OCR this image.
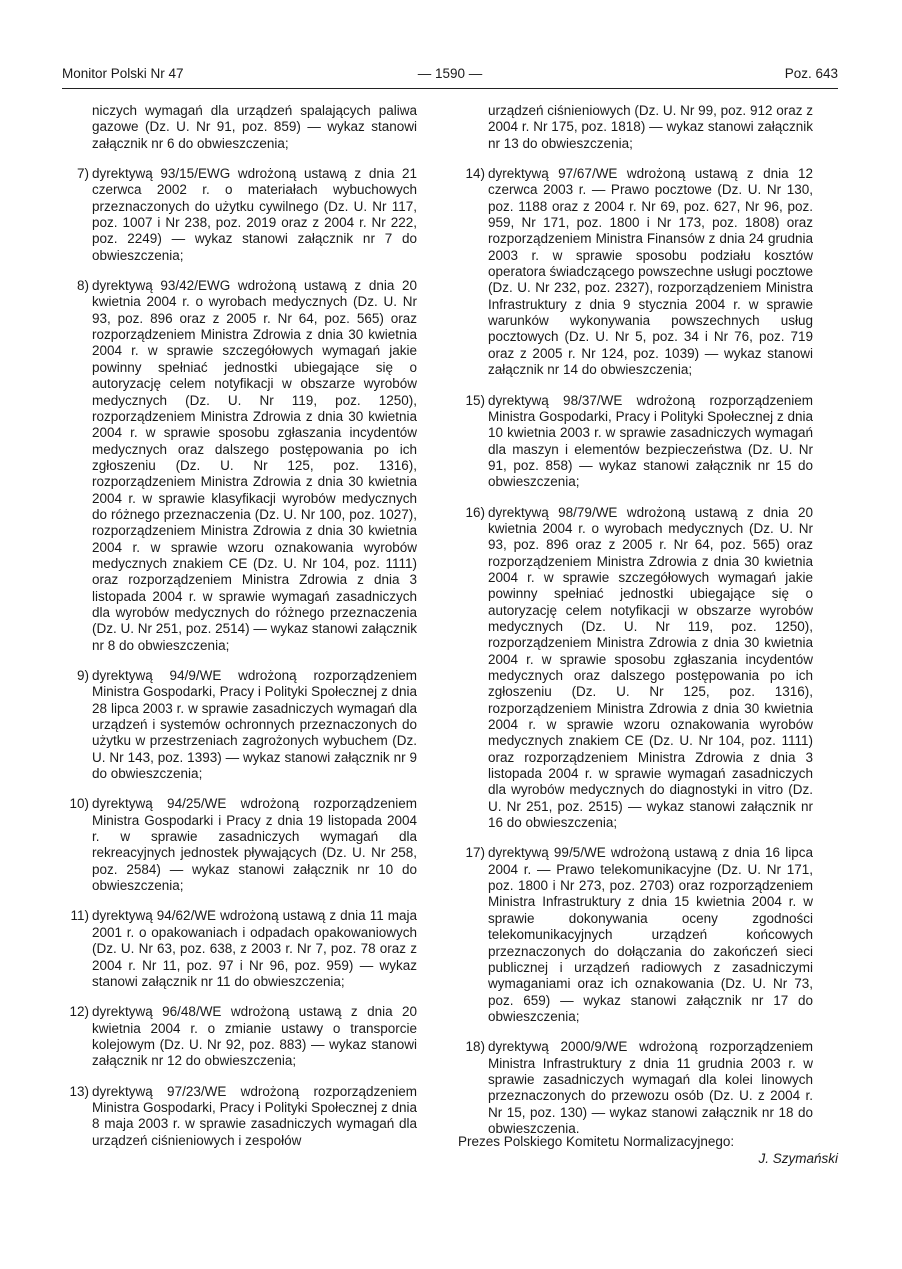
Monitor Polski Nr 47	— 1590 —	Poz. 643
niczych wymagań dla urządzeń spalających paliwa gazowe (Dz. U. Nr 91, poz. 859) — wykaz stanowi załącznik nr 6 do obwieszczenia;
7) dyrektywą 93/15/EWG wdrożoną ustawą z dnia 21 czerwca 2002 r. o materiałach wybuchowych przeznaczonych do użytku cywilnego (Dz. U. Nr 117, poz. 1007 i Nr 238, poz. 2019 oraz z 2004 r. Nr 222, poz. 2249) — wykaz stanowi załącznik nr 7 do obwieszczenia;
8) dyrektywą 93/42/EWG wdrożoną ustawą z dnia 20 kwietnia 2004 r. o wyrobach medycznych (Dz. U. Nr 93, poz. 896 oraz z 2005 r. Nr 64, poz. 565) oraz rozporządzeniem Ministra Zdrowia z dnia 30 kwietnia 2004 r. w sprawie szczegółowych wymagań jakie powinny spełniać jednostki ubiegające się o autoryzację celem notyfikacji w obszarze wyrobów medycznych (Dz. U. Nr 119, poz. 1250), rozporządzeniem Ministra Zdrowia z dnia 30 kwietnia 2004 r. w sprawie sposobu zgłaszania incydentów medycznych oraz dalszego postępowania po ich zgłoszeniu (Dz. U. Nr 125, poz. 1316), rozporządzeniem Ministra Zdrowia z dnia 30 kwietnia 2004 r. w sprawie klasyfikacji wyrobów medycznych do różnego przeznaczenia (Dz. U. Nr 100, poz. 1027), rozporządzeniem Ministra Zdrowia z dnia 30 kwietnia 2004 r. w sprawie wzoru oznakowania wyrobów medycznych znakiem CE (Dz. U. Nr 104, poz. 1111) oraz rozporządzeniem Ministra Zdrowia z dnia 3 listopada 2004 r. w sprawie wymagań zasadniczych dla wyrobów medycznych do różnego przeznaczenia (Dz. U. Nr 251, poz. 2514) — wykaz stanowi załącznik nr 8 do obwieszczenia;
9) dyrektywą 94/9/WE wdrożoną rozporządzeniem Ministra Gospodarki, Pracy i Polityki Społecznej z dnia 28 lipca 2003 r. w sprawie zasadniczych wymagań dla urządzeń i systemów ochronnych przeznaczonych do użytku w przestrzeniach zagrożonych wybuchem (Dz. U. Nr 143, poz. 1393) — wykaz stanowi załącznik nr 9 do obwieszczenia;
10) dyrektywą 94/25/WE wdrożoną rozporządzeniem Ministra Gospodarki i Pracy z dnia 19 listopada 2004 r. w sprawie zasadniczych wymagań dla rekreacyjnych jednostek pływających (Dz. U. Nr 258, poz. 2584) — wykaz stanowi załącznik nr 10 do obwieszczenia;
11) dyrektywą 94/62/WE wdrożoną ustawą z dnia 11 maja 2001 r. o opakowaniach i odpadach opakowaniowych (Dz. U. Nr 63, poz. 638, z 2003 r. Nr 7, poz. 78 oraz z 2004 r. Nr 11, poz. 97 i Nr 96, poz. 959) — wykaz stanowi załącznik nr 11 do obwieszczenia;
12) dyrektywą 96/48/WE wdrożoną ustawą z dnia 20 kwietnia 2004 r. o zmianie ustawy o transporcie kolejowym (Dz. U. Nr 92, poz. 883) — wykaz stanowi załącznik nr 12 do obwieszczenia;
13) dyrektywą 97/23/WE wdrożoną rozporządzeniem Ministra Gospodarki, Pracy i Polityki Społecznej z dnia 8 maja 2003 r. w sprawie zasadniczych wymagań dla urządzeń ciśnieniowych i zespołów
urządzeń ciśnieniowych (Dz. U. Nr 99, poz. 912 oraz z 2004 r. Nr 175, poz. 1818) — wykaz stanowi załącznik nr 13 do obwieszczenia;
14) dyrektywą 97/67/WE wdrożoną ustawą z dnia 12 czerwca 2003 r. — Prawo pocztowe (Dz. U. Nr 130, poz. 1188 oraz z 2004 r. Nr 69, poz. 627, Nr 96, poz. 959, Nr 171, poz. 1800 i Nr 173, poz. 1808) oraz rozporządzeniem Ministra Finansów z dnia 24 grudnia 2003 r. w sprawie sposobu podziału kosztów operatora świadczącego powszechne usługi pocztowe (Dz. U. Nr 232, poz. 2327), rozporządzeniem Ministra Infrastruktury z dnia 9 stycznia 2004 r. w sprawie warunków wykonywania powszechnych usług pocztowych (Dz. U. Nr 5, poz. 34 i Nr 76, poz. 719 oraz z 2005 r. Nr 124, poz. 1039) — wykaz stanowi załącznik nr 14 do obwieszczenia;
15) dyrektywą 98/37/WE wdrożoną rozporządzeniem Ministra Gospodarki, Pracy i Polityki Społecznej z dnia 10 kwietnia 2003 r. w sprawie zasadniczych wymagań dla maszyn i elementów bezpieczeństwa (Dz. U. Nr 91, poz. 858) — wykaz stanowi załącznik nr 15 do obwieszczenia;
16) dyrektywą 98/79/WE wdrożoną ustawą z dnia 20 kwietnia 2004 r. o wyrobach medycznych (Dz. U. Nr 93, poz. 896 oraz z 2005 r. Nr 64, poz. 565) oraz rozporządzeniem Ministra Zdrowia z dnia 30 kwietnia 2004 r. w sprawie szczegółowych wymagań jakie powinny spełniać jednostki ubiegające się o autoryzację celem notyfikacji w obszarze wyrobów medycznych (Dz. U. Nr 119, poz. 1250), rozporządzeniem Ministra Zdrowia z dnia 30 kwietnia 2004 r. w sprawie sposobu zgłaszania incydentów medycznych oraz dalszego postępowania po ich zgłoszeniu (Dz. U. Nr 125, poz. 1316), rozporządzeniem Ministra Zdrowia z dnia 30 kwietnia 2004 r. w sprawie wzoru oznakowania wyrobów medycznych znakiem CE (Dz. U. Nr 104, poz. 1111) oraz rozporządzeniem Ministra Zdrowia z dnia 3 listopada 2004 r. w sprawie wymagań zasadniczych dla wyrobów medycznych do diagnostyki in vitro (Dz. U. Nr 251, poz. 2515) — wykaz stanowi załącznik nr 16 do obwieszczenia;
17) dyrektywą 99/5/WE wdrożoną ustawą z dnia 16 lipca 2004 r. — Prawo telekomunikacyjne (Dz. U. Nr 171, poz. 1800 i Nr 273, poz. 2703) oraz rozporządzeniem Ministra Infrastruktury z dnia 15 kwietnia 2004 r. w sprawie dokonywania oceny zgodności telekomunikacyjnych urządzeń końcowych przeznaczonych do dołączania do zakończeń sieci publicznej i urządzeń radiowych z zasadniczymi wymaganiami oraz ich oznakowania (Dz. U. Nr 73, poz. 659) — wykaz stanowi załącznik nr 17 do obwieszczenia;
18) dyrektywą 2000/9/WE wdrożoną rozporządzeniem Ministra Infrastruktury z dnia 11 grudnia 2003 r. w sprawie zasadniczych wymagań dla kolei linowych przeznaczonych do przewozu osób (Dz. U. z 2004 r. Nr 15, poz. 130) — wykaz stanowi załącznik nr 18 do obwieszczenia.
Prezes Polskiego Komitetu Normalizacyjnego:
J. Szymański
